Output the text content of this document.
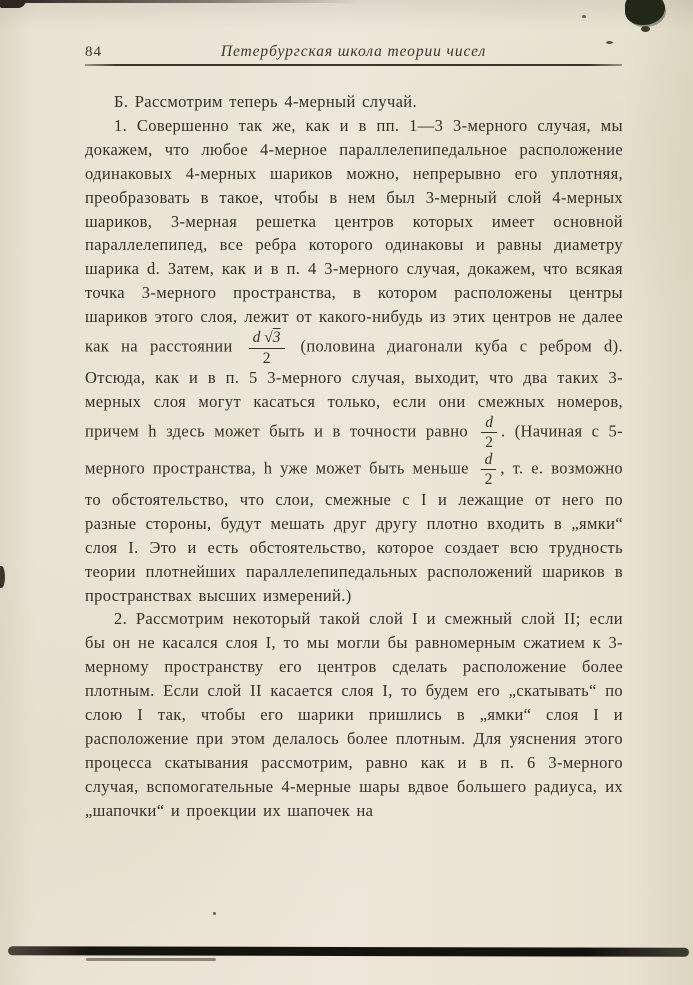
84	Петербургская школа теории чисел

Б. Рассмотрим теперь 4-мерный случай.

1. Совершенно так же, как и в пп. 1—3 3-мерного случая, мы докажем, что любое 4-мерное параллелепипедальное расположение одинаковых 4-мерных шариков можно, непрерывно его уплотняя, преобразовать в такое, чтобы в нем был 3-мерный слой 4-мерных шариков, 3-мерная решетка центров которых имеет основной параллелепипед, все ребра которого одинаковы и равны диаметру шарика d. Затем, как и в п. 4 3-мерного случая, докажем, что всякая точка 3-мерного пространства, в котором расположены центры шариков этого слоя, лежит от какого-нибудь из этих центров не далее как на расстоянии $\frac{d √3}{2}$ (половина диагонали куба с ребром d). Отсюда, как и в п. 5 3-мерного случая, выходит, что два таких 3-мерных слоя могут касаться только, если они смежных номеров, причем h здесь может быть и в точности равно $\frac{d}{2}$ . (Начиная с 5-мерного пространства, h уже может быть меньше $\frac{d}{2}$ , т. е. возможно то обстоятельство, что слои, смежные с I и лежащие от него по разные стороны, будут мешать друг другу плотно входить в „ямки“ слоя I. Это и есть обстоятельство, которое создает всю трудность теории плотнейших параллелепипедальных расположений шариков в пространствах высших измерений.)

2. Рассмотрим некоторый такой слой I и смежный слой II; если бы он не касался слоя I, то мы могли бы равномерным сжатием к 3-мерному пространству его центров сделать расположение более плотным. Если слой II касается слоя I, то будем его „скатывать“ по слою I так, чтобы его шарики пришлись в „ямки“ слоя I и расположение при этом делалось более плотным. Для уяснения этого процесса скатывания рассмотрим, равно как и в п. 6 3-мерного случая, вспомогательные 4-мерные шары вдвое большего радиуса, их „шапочки“ и проекции их шапочек на
